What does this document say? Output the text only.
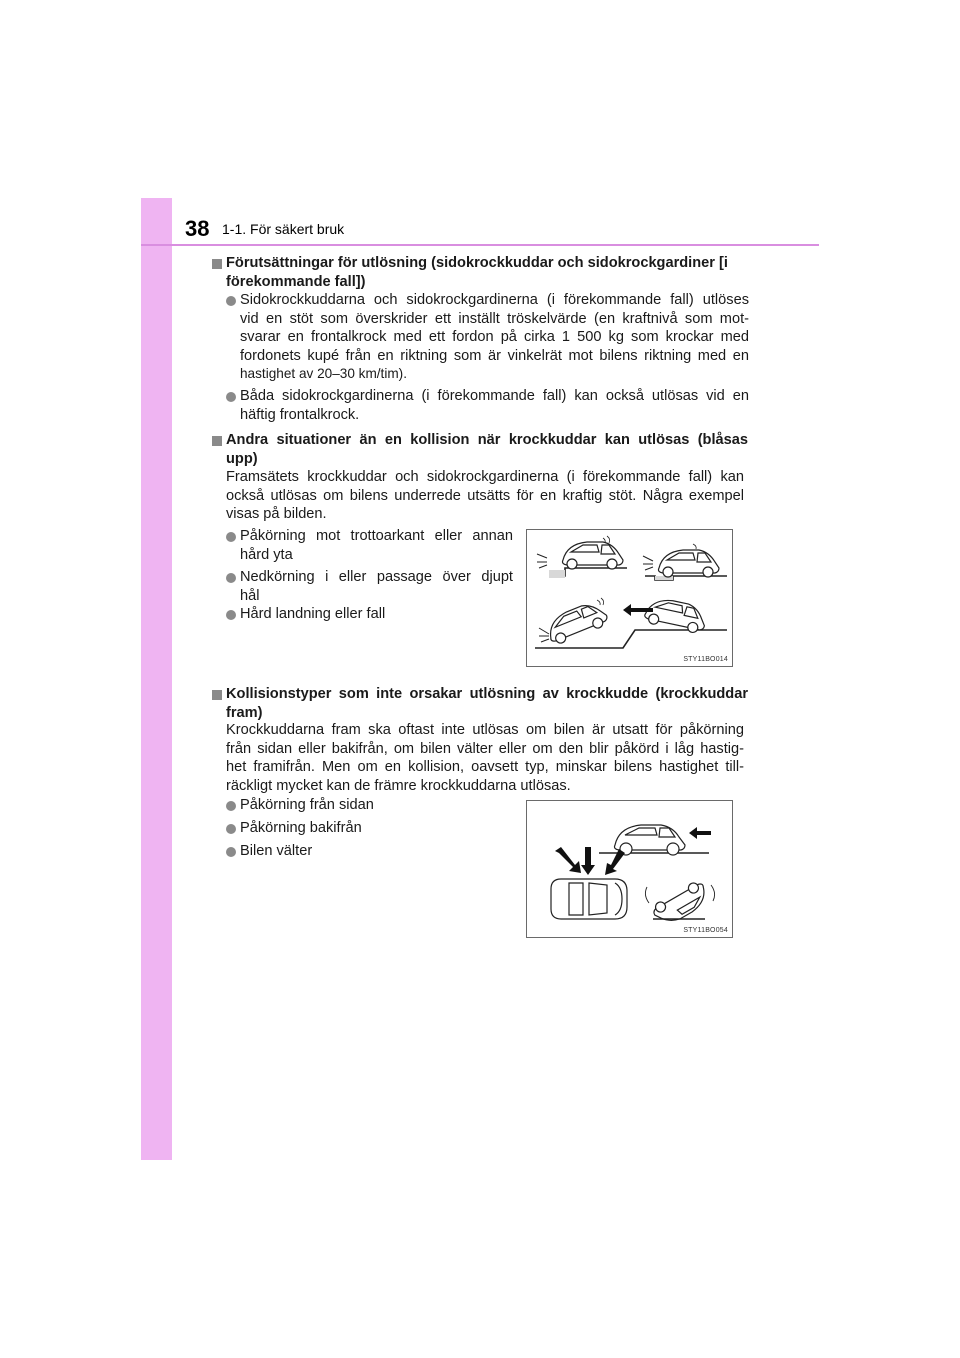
38 1-1. För säkert bruk
Förutsättningar för utlösning (sidokrockkuddar och sidokrockgardiner [i
förekommande fall])
Sidokrockkuddarna och sidokrockgardinerna (i förekommande fall) utlöses
vid en stöt som överskrider ett inställt tröskelvärde (en kraftnivå som mot-
svarar en frontalkrock med ett fordon på cirka 1 500 kg som krockar med
fordonets kupé från en riktning som är vinkelrät mot bilens riktning med en
hastighet av 20–30 km/tim).
Båda sidokrockgardinerna (i förekommande fall) kan också utlösas vid en
häftig frontalkrock.
Andra situationer än en kollision när krockkuddar kan utlösas (blåsas
upp)
Framsätets krockkuddar och sidokrockgardinerna (i förekommande fall) kan
också utlösas om bilens underrede utsätts för en kraftig stöt. Några exempel
visas på bilden.
Påkörning mot trottoarkant eller annan
hård yta
Nedkörning i eller passage över djupt
hål
Hård landning eller fall
STY11BO014
Kollisionstyper som inte orsakar utlösning av krockkudde (krockkuddar
fram)
Krockkuddarna fram ska oftast inte utlösas om bilen är utsatt för påkörning
från sidan eller bakifrån, om bilen välter eller om den blir påkörd i låg hastig-
het framifrån. Men om en kollision, oavsett typ, minskar bilens hastighet till-
räckligt mycket kan de främre krockkuddarna utlösas.
Påkörning från sidan
Påkörning bakifrån
Bilen välter
STY11BO054
